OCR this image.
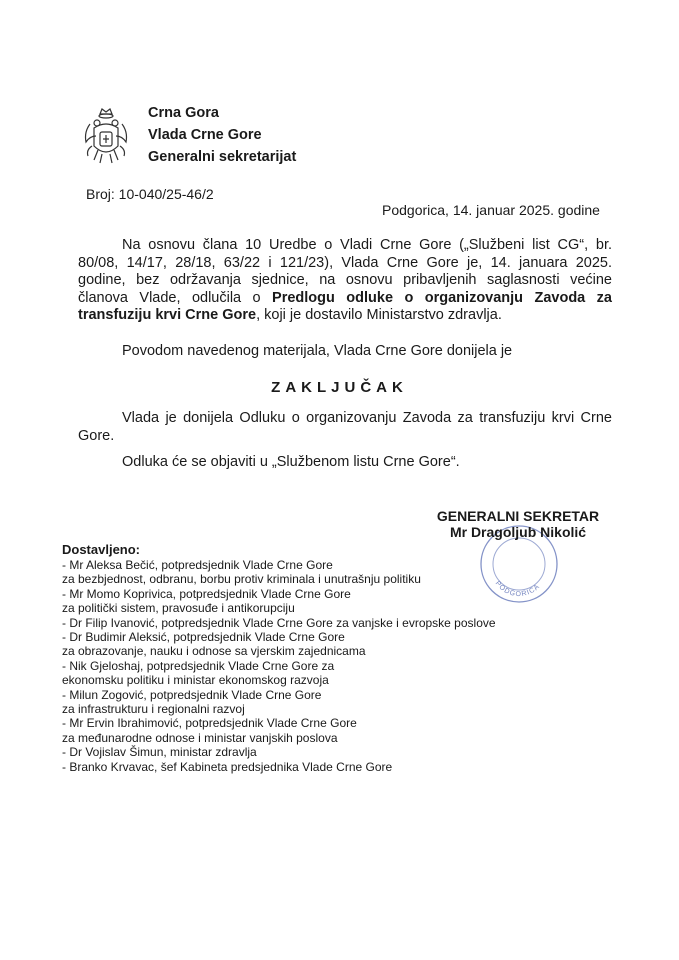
Crna Gora
Vlada Crne Gore
Generalni sekretarijat
Broj: 10-040/25-46/2
Podgorica, 14. januar 2025. godine
Na osnovu člana 10 Uredbe o Vladi Crne Gore („Službeni list CG“, br. 80/08, 14/17, 28/18, 63/22 i 121/23), Vlada Crne Gore je, 14. januara 2025. godine, bez održavanja sjednice, na osnovu pribavljenih saglasnosti većine članova Vlade, odlučila o Predlogu odluke o organizovanju Zavoda za transfuziju krvi Crne Gore, koji je dostavilo Ministarstvo zdravlja.
Povodom navedenog materijala, Vlada Crne Gore donijela je
ZAKLJUČAK
Vlada je donijela Odluku o organizovanju Zavoda za transfuziju krvi Crne Gore.
Odluka će se objaviti u „Službenom listu Crne Gore“.
PODGORICA
GENERALNI SEKRETAR
Mr Dragoljub Nikolić
Dostavljeno:
- Mr Aleksa Bečić, potpredsjednik Vlade Crne Gore
za bezbjednost, odbranu, borbu protiv kriminala i unutrašnju politiku
- Mr Momo Koprivica, potpredsjednik Vlade Crne Gore
za politički sistem, pravosuđe i antikorupciju
- Dr Filip Ivanović, potpredsjednik Vlade Crne Gore za vanjske i evropske poslove
- Dr Budimir Aleksić, potpredsjednik Vlade Crne Gore
za obrazovanje, nauku i odnose sa vjerskim zajednicama
- Nik Gjeloshaj, potpredsjednik Vlade Crne Gore za
ekonomsku politiku i ministar ekonomskog razvoja
- Milun Zogović, potpredsjednik Vlade Crne Gore
za infrastrukturu i regionalni razvoj
- Mr Ervin Ibrahimović, potpredsjednik Vlade Crne Gore
za međunarodne odnose i ministar vanjskih poslova
- Dr Vojislav Šimun, ministar zdravlja
- Branko Krvavac, šef Kabineta predsjednika Vlade Crne Gore
